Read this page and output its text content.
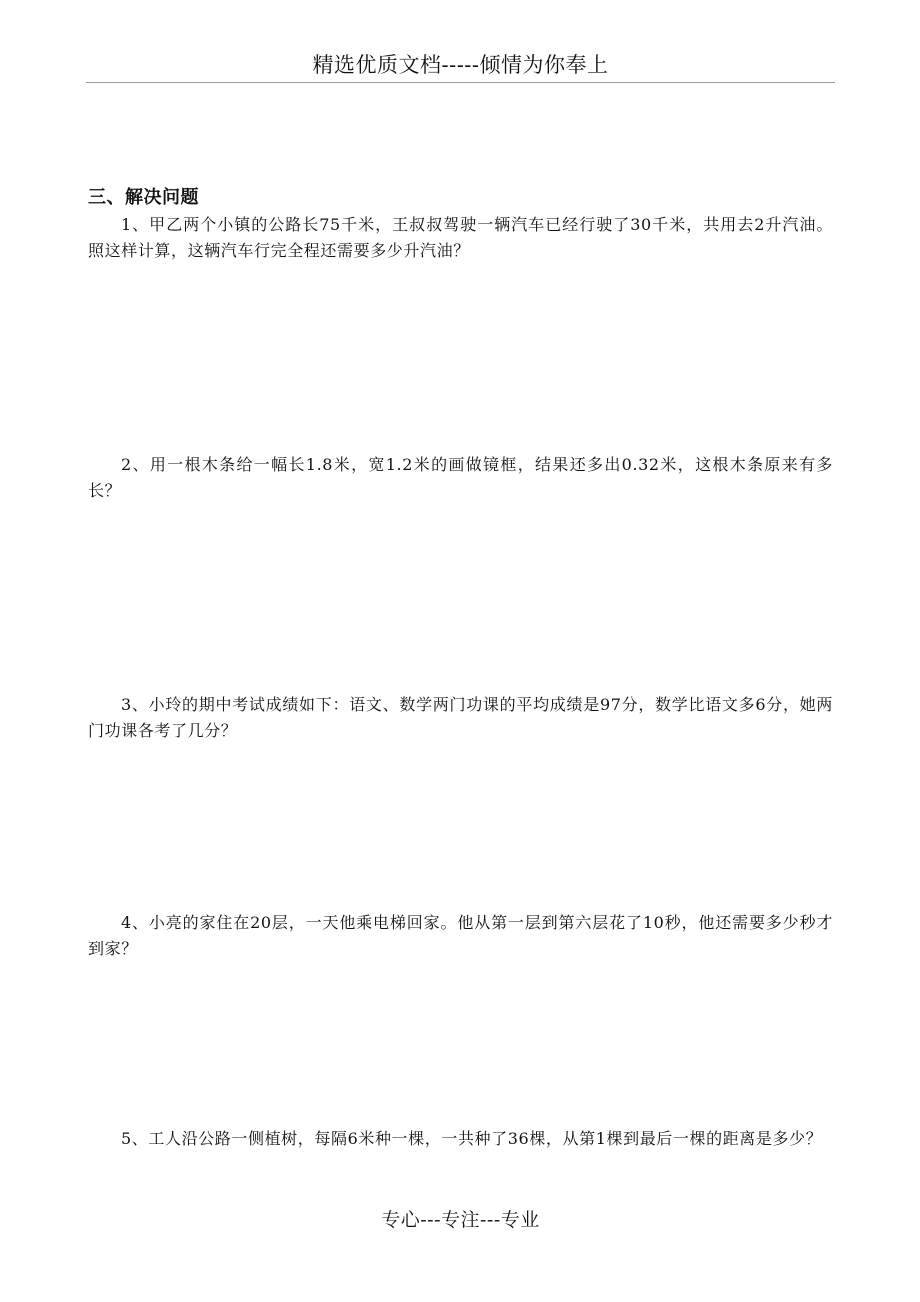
精选优质文档-----倾情为你奉上
三、解决问题
1、甲乙两个小镇的公路长75千米，王叔叔驾驶一辆汽车已经行驶了30千米，共用去2升汽油。照这样计算，这辆汽车行完全程还需要多少升汽油？
2、用一根木条给一幅长1.8米，宽1.2米的画做镜框，结果还多出0.32米，这根木条原来有多长？
3、小玲的期中考试成绩如下：语文、数学两门功课的平均成绩是97分，数学比语文多6分，她两门功课各考了几分？
4、小亮的家住在20层，一天他乘电梯回家。他从第一层到第六层花了10秒，他还需要多少秒才到家？
5、工人沿公路一侧植树，每隔6米种一棵，一共种了36棵，从第1棵到最后一棵的距离是多少？
专心---专注---专业
